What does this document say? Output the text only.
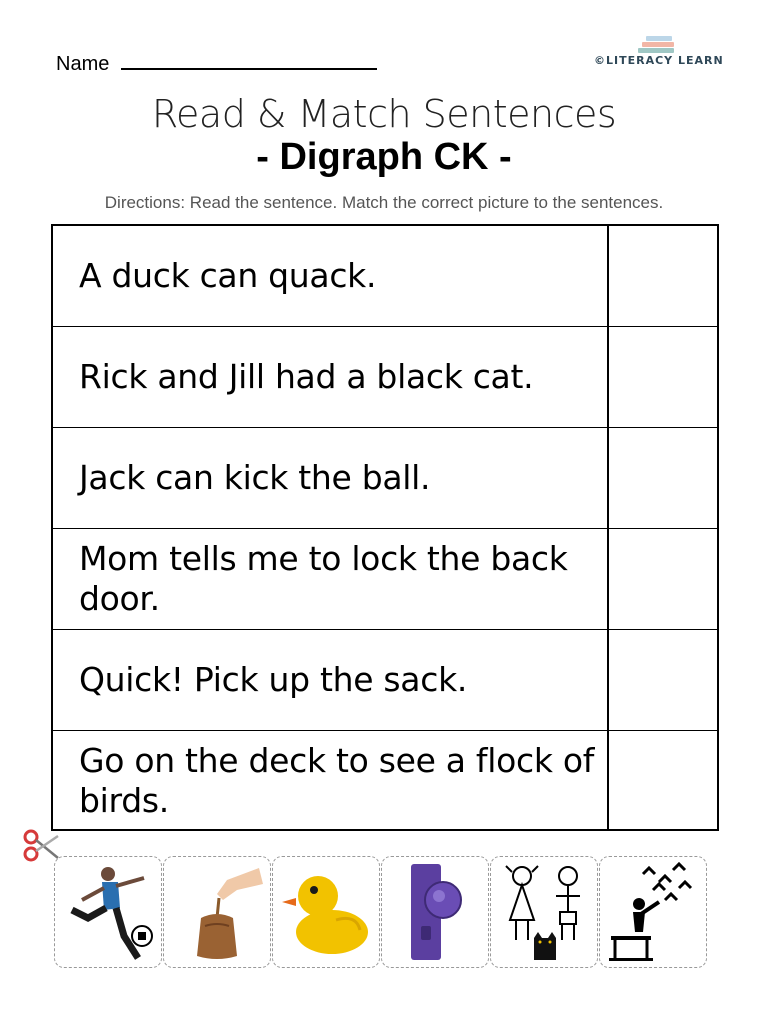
Name	©LITERACY LEARN
Read & Match Sentences
- Digraph CK -
Directions: Read the sentence. Match the correct picture to the sentences.
A duck can quack.
Rick and Jill had a black cat.
Jack can kick the ball.
Mom tells me to lock the back door.
Quick! Pick up the sack.
Go on the deck to see a flock of birds.
